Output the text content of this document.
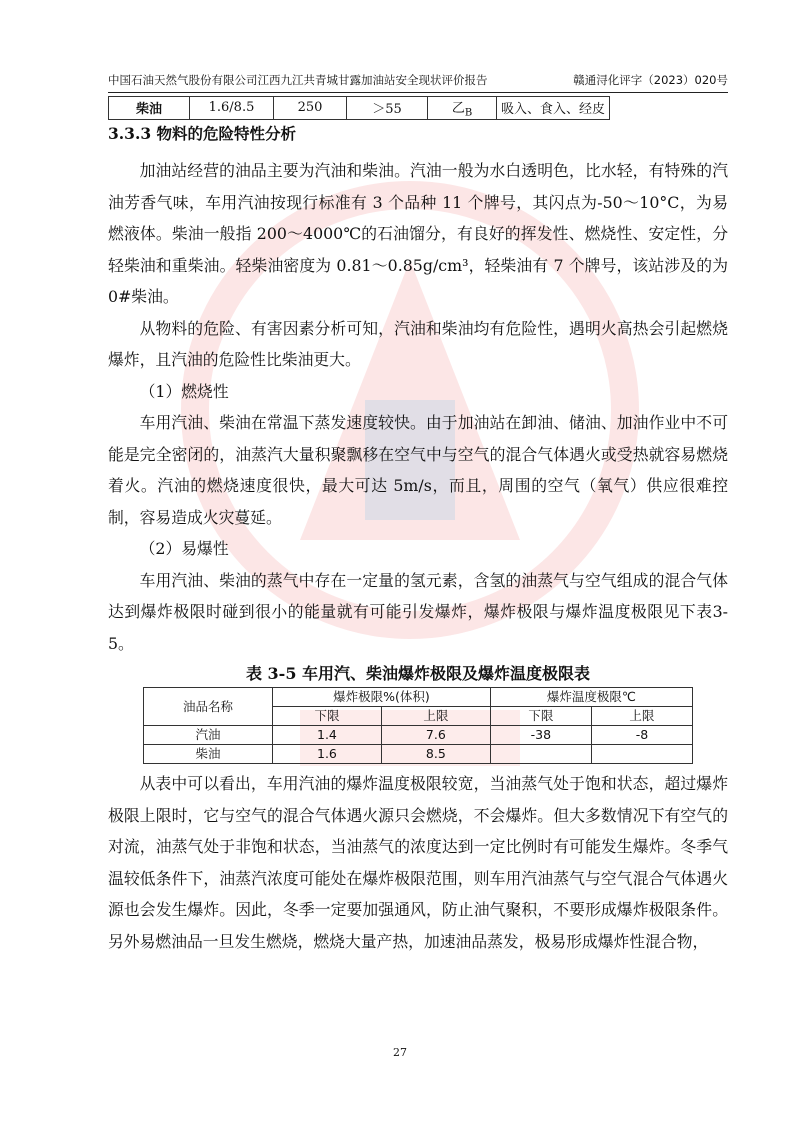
中国石油天然气股份有限公司江西九江共青城甘露加油站安全现状评价报告	赣通浔化评字（2023）020号
柴油	1.6/8.5	250	＞55	乙$_B$	吸入、食入、经皮
3.3.3 物料的危险特性分析

加油站经营的油品主要为汽油和柴油。汽油一般为水白透明色，比水轻，有特殊的汽油芳香气味，车用汽油按现行标准有 3 个品种 11 个牌号，其闪点为-50～10°C，为易燃液体。柴油一般指 200～4000℃的石油馏分，有良好的挥发性、燃烧性、安定性，分轻柴油和重柴油。轻柴油密度为 0.81～0.85g/cm³，轻柴油有 7 个牌号，该站涉及的为 0#柴油。

从物料的危险、有害因素分析可知，汽油和柴油均有危险性，遇明火高热会引起燃烧爆炸，且汽油的危险性比柴油更大。

（1）燃烧性

车用汽油、柴油在常温下蒸发速度较快。由于加油站在卸油、储油、加油作业中不可能是完全密闭的，油蒸汽大量积聚飘移在空气中与空气的混合气体遇火或受热就容易燃烧着火。汽油的燃烧速度很快，最大可达 5m/s，而且，周围的空气（氧气）供应很难控制，容易造成火灾蔓延。

（2）易爆性

车用汽油、柴油的蒸气中存在一定量的氢元素，含氢的油蒸气与空气组成的混合气体达到爆炸极限时碰到很小的能量就有可能引发爆炸，爆炸极限与爆炸温度极限见下表3-5。

表 3-5 车用汽、柴油爆炸极限及爆炸温度极限表
油品名称	爆炸极限%(体积)		爆炸温度极限℃	
	下限	上限	下限	上限
汽油	1.4	7.6	-38	-8
柴油	1.6	8.5		

从表中可以看出，车用汽油的爆炸温度极限较宽，当油蒸气处于饱和状态，超过爆炸极限上限时，它与空气的混合气体遇火源只会燃烧，不会爆炸。但大多数情况下有空气的对流，油蒸气处于非饱和状态，当油蒸气的浓度达到一定比例时有可能发生爆炸。冬季气温较低条件下，油蒸汽浓度可能处在爆炸极限范围，则车用汽油蒸气与空气混合气体遇火源也会发生爆炸。因此，冬季一定要加强通风，防止油气聚积，不要形成爆炸极限条件。另外易燃油品一旦发生燃烧，燃烧大量产热，加速油品蒸发，极易形成爆炸性混合物，

27
